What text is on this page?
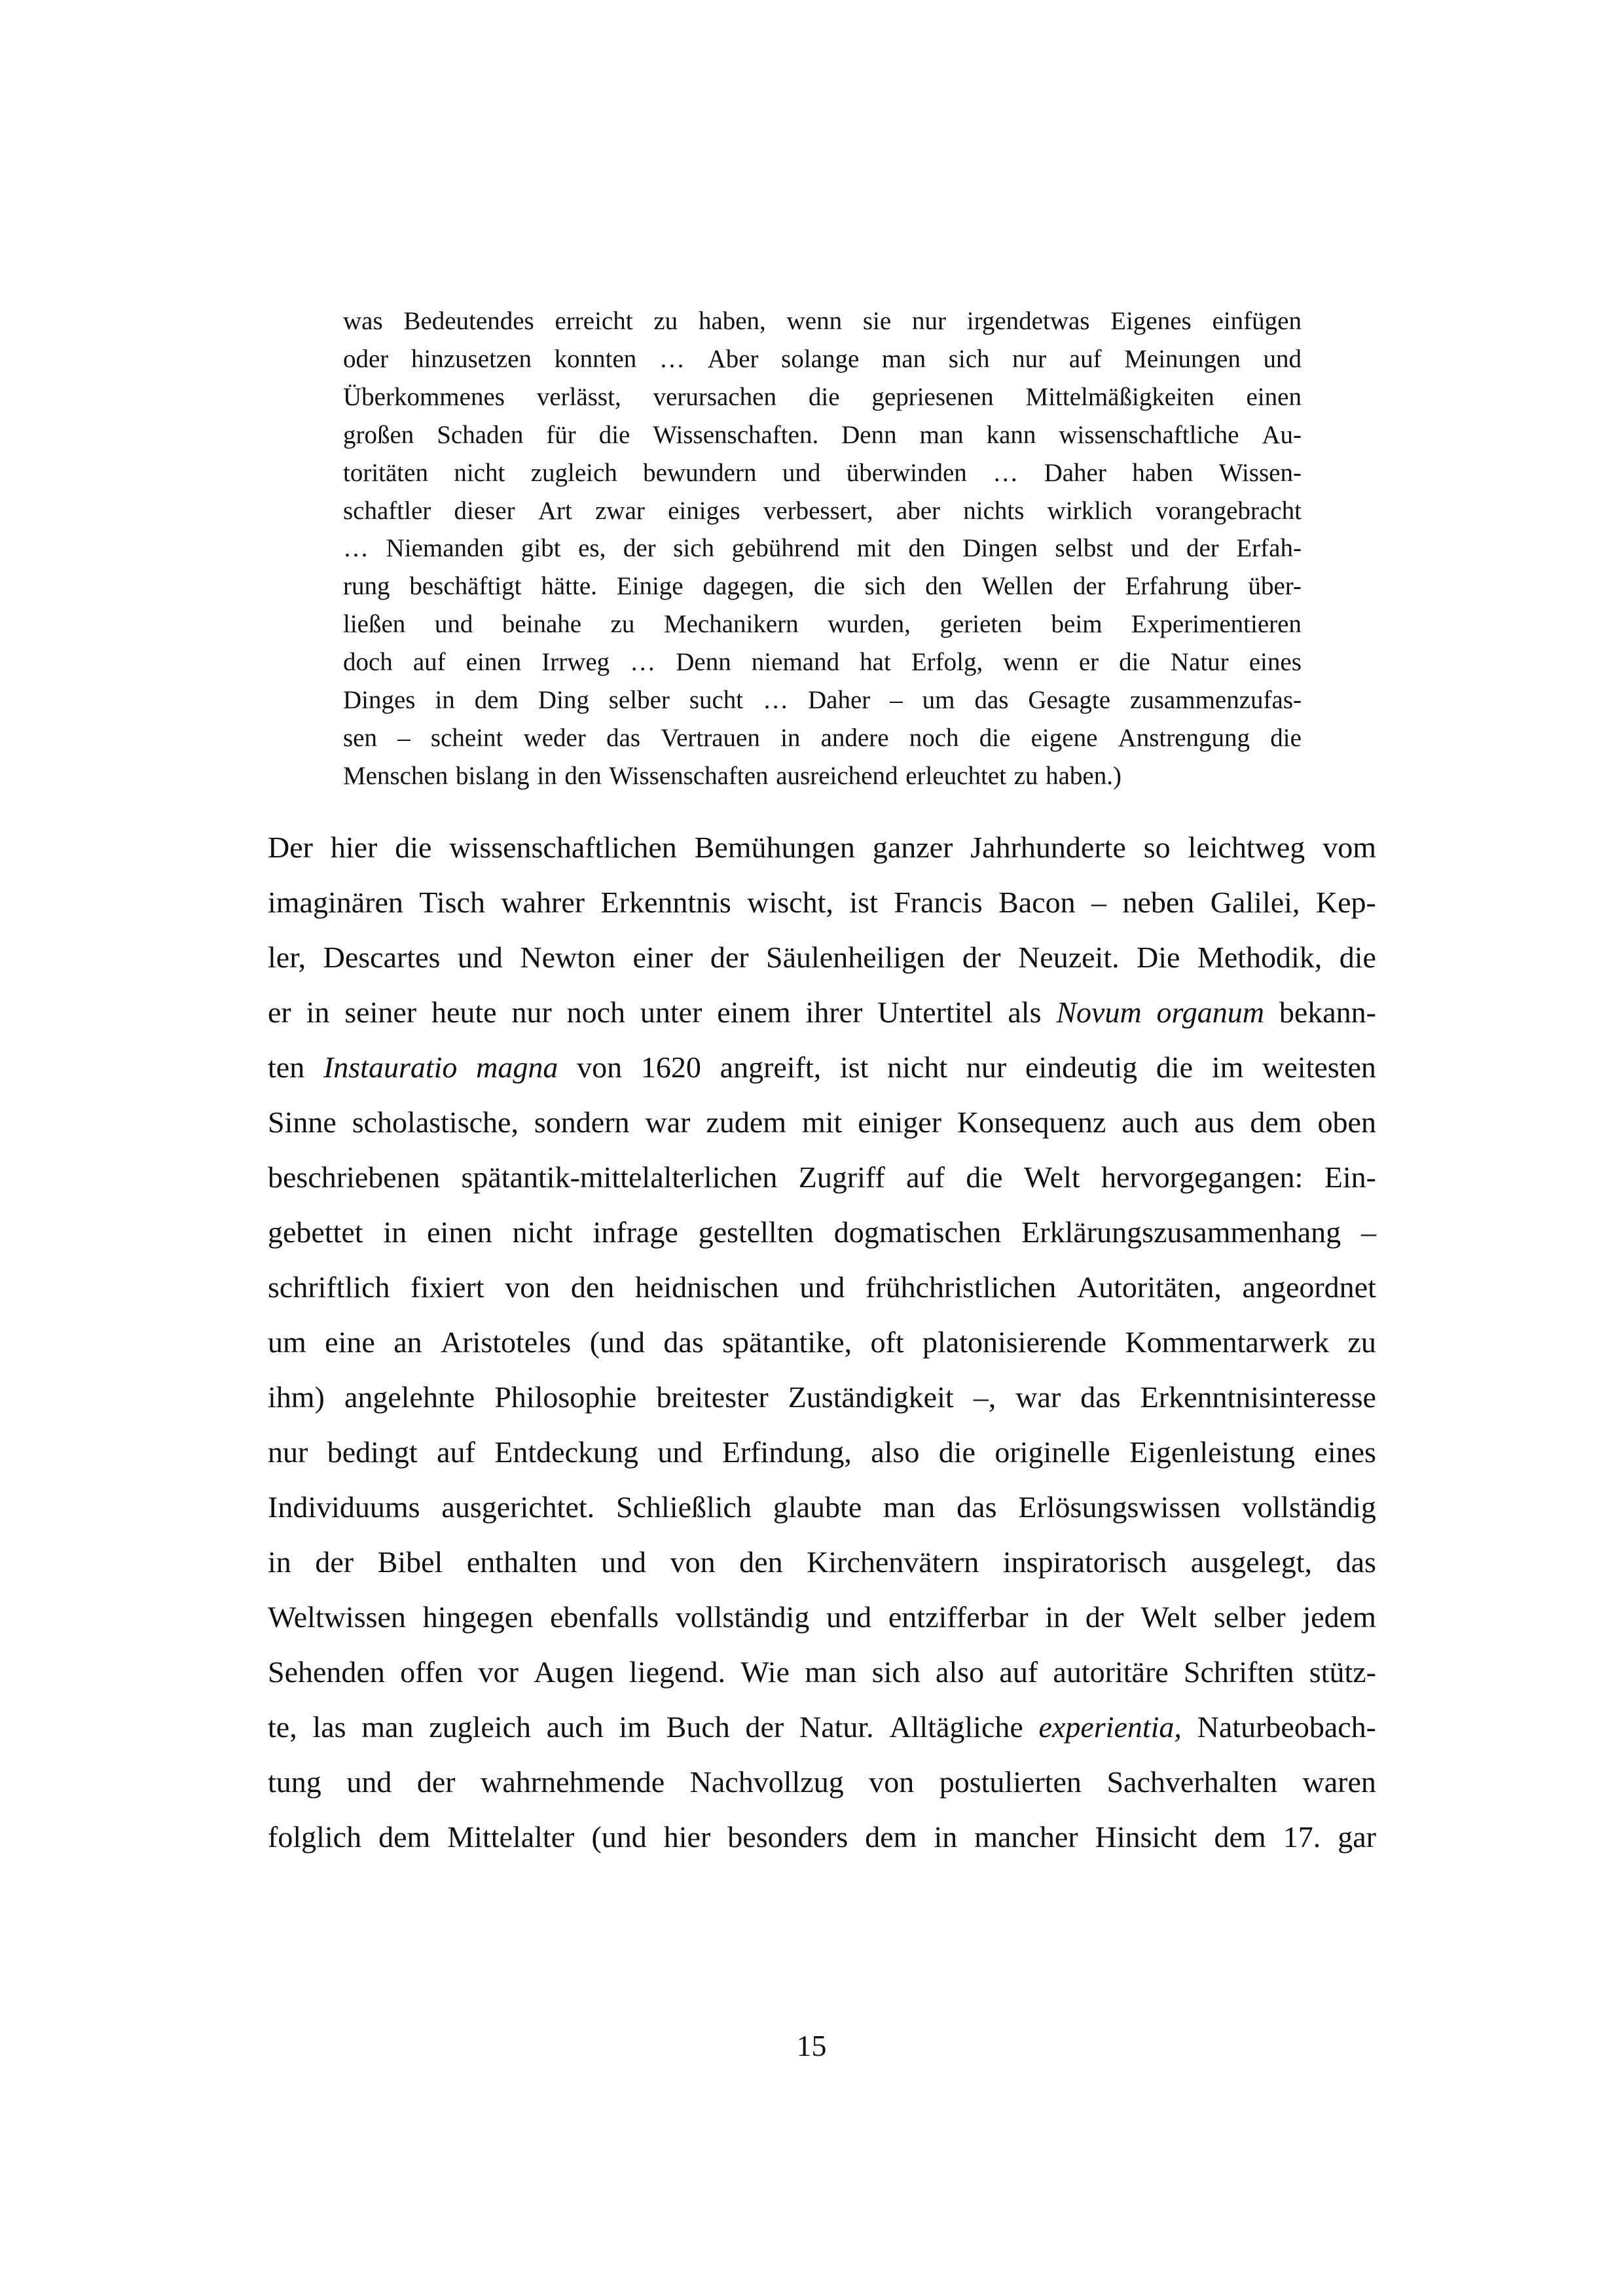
was Bedeutendes erreicht zu haben, wenn sie nur irgendetwas Eigenes einfügen
oder hinzusetzen konnten … Aber solange man sich nur auf Meinungen und
Überkommenes verlässt, verursachen die gepriesenen Mittelmäßigkeiten einen
großen Schaden für die Wissenschaften. Denn man kann wissenschaftliche Au-
toritäten nicht zugleich bewundern und überwinden … Daher haben Wissen-
schaftler dieser Art zwar einiges verbessert, aber nichts wirklich vorangebracht
… Niemanden gibt es, der sich gebührend mit den Dingen selbst und der Erfah-
rung beschäftigt hätte. Einige dagegen, die sich den Wellen der Erfahrung über-
ließen und beinahe zu Mechanikern wurden, gerieten beim Experimentieren
doch auf einen Irrweg … Denn niemand hat Erfolg, wenn er die Natur eines
Dinges in dem Ding selber sucht … Daher – um das Gesagte zusammenzufas-
sen – scheint weder das Vertrauen in andere noch die eigene Anstrengung die
Menschen bislang in den Wissenschaften ausreichend erleuchtet zu haben.)
Der hier die wissenschaftlichen Bemühungen ganzer Jahrhunderte so leichtweg vom
imaginären Tisch wahrer Erkenntnis wischt, ist Francis Bacon – neben Galilei, Kep-
ler, Descartes und Newton einer der Säulenheiligen der Neuzeit. Die Methodik, die
er in seiner heute nur noch unter einem ihrer Untertitel als Novum organum bekann-
ten Instauratio magna von 1620 angreift, ist nicht nur eindeutig die im weitesten
Sinne scholastische, sondern war zudem mit einiger Konsequenz auch aus dem oben
beschriebenen spätantik-mittelalterlichen Zugriff auf die Welt hervorgegangen: Ein-
gebettet in einen nicht infrage gestellten dogmatischen Erklärungszusammenhang –
schriftlich fixiert von den heidnischen und frühchristlichen Autoritäten, angeordnet
um eine an Aristoteles (und das spätantike, oft platonisierende Kommentarwerk zu
ihm) angelehnte Philosophie breitester Zuständigkeit –, war das Erkenntnisinteresse
nur bedingt auf Entdeckung und Erfindung, also die originelle Eigenleistung eines
Individuums ausgerichtet. Schließlich glaubte man das Erlösungswissen vollständig
in der Bibel enthalten und von den Kirchenvätern inspiratorisch ausgelegt, das
Weltwissen hingegen ebenfalls vollständig und entzifferbar in der Welt selber jedem
Sehenden offen vor Augen liegend. Wie man sich also auf autoritäre Schriften stütz-
te, las man zugleich auch im Buch der Natur. Alltägliche experientia, Naturbeobach-
tung und der wahrnehmende Nachvollzug von postulierten Sachverhalten waren
folglich dem Mittelalter (und hier besonders dem in mancher Hinsicht dem 17. gar
15
